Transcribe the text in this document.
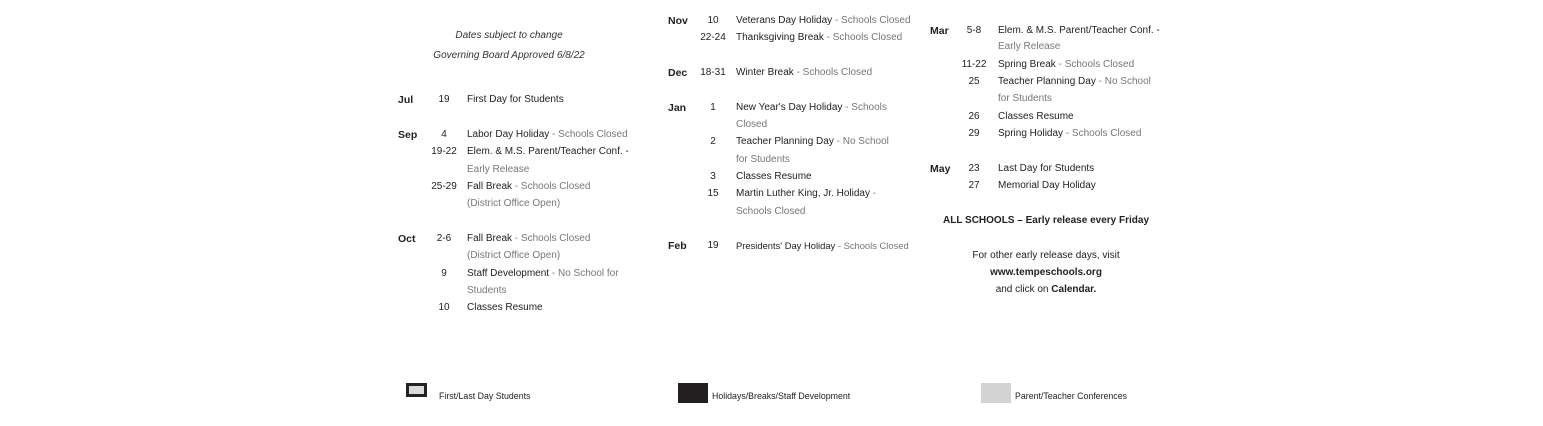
Dates subject to change
Governing Board Approved 6/8/22
Jul	19	First Day for Students
Sep	4	Labor Day Holiday - Schools Closed
19-22	Elem. & M.S. Parent/Teacher Conf. -
Early Release
25-29	Fall Break - Schools Closed
(District Office Open)
Oct	2-6	Fall Break - Schools Closed
(District Office Open)
9	Staff Development - No School for
Students
10	Classes Resume
Nov	10	Veterans Day Holiday - Schools Closed
22-24	Thanksgiving Break - Schools Closed
Dec	18-31	Winter Break - Schools Closed
Jan	1	New Year's Day Holiday - Schools
Closed
2	Teacher Planning Day - No School
for Students
3	Classes Resume
15	Martin Luther King, Jr. Holiday -
Schools Closed
Feb	19	Presidents' Day Holiday - Schools Closed
Mar	5-8	Elem. & M.S. Parent/Teacher Conf. -
Early Release
11-22	Spring Break - Schools Closed
25	Teacher Planning Day - No School
for Students
26	Classes Resume
29	Spring Holiday - Schools Closed
May	23	Last Day for Students
27	Memorial Day Holiday
ALL SCHOOLS – Early release every Friday
For other early release days, visit
www.tempeschools.org
and click on Calendar.
First/Last Day Students	Holidays/Breaks/Staff Development	Parent/Teacher Conferences
